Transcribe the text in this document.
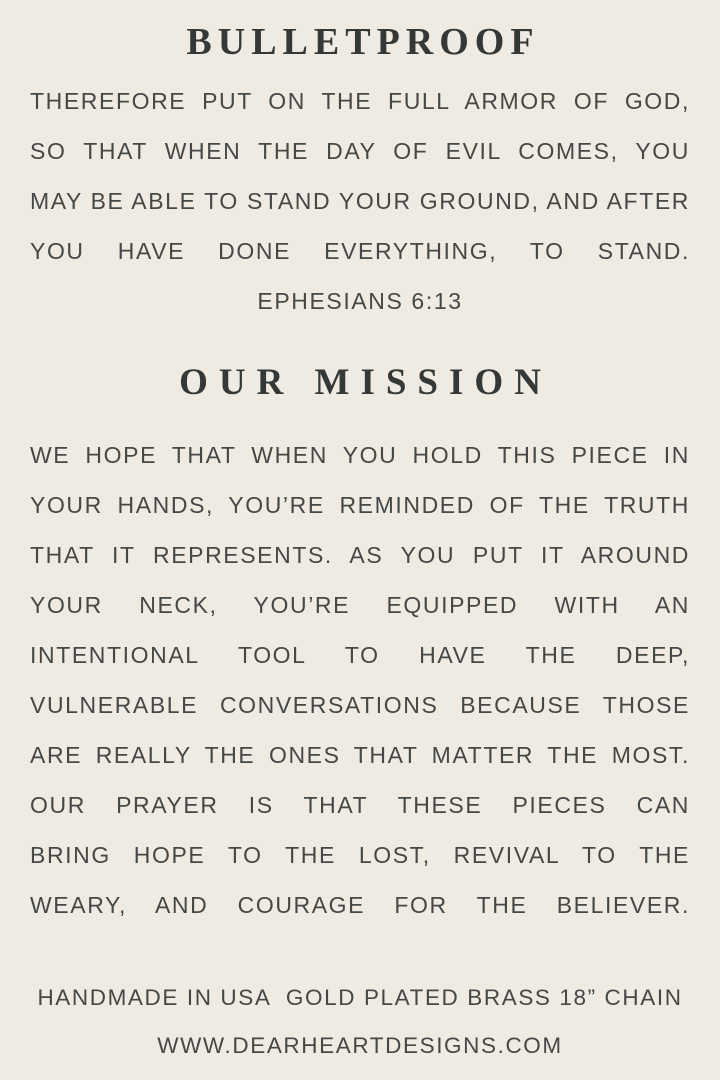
BULLETPROOF
THEREFORE PUT ON THE FULL ARMOR OF GOD,
SO THAT WHEN THE DAY OF EVIL COMES, YOU
MAY BE ABLE TO STAND YOUR GROUND, AND AFTER
YOU HAVE DONE EVERYTHING, TO STAND.
EPHESIANS 6:13
OUR MISSION
WE HOPE THAT WHEN YOU HOLD THIS PIECE IN
YOUR HANDS, YOU’RE REMINDED OF THE TRUTH
THAT IT REPRESENTS. AS YOU PUT IT AROUND
YOUR NECK, YOU’RE EQUIPPED WITH AN
INTENTIONAL TOOL TO HAVE THE DEEP,
VULNERABLE CONVERSATIONS BECAUSE THOSE
ARE REALLY THE ONES THAT MATTER THE MOST.
OUR PRAYER IS THAT THESE PIECES CAN
BRING HOPE TO THE LOST, REVIVAL TO THE
WEARY, AND COURAGE FOR THE BELIEVER.
HANDMADE IN USA  GOLD PLATED BRASS 18” CHAIN
WWW.DEARHEARTDESIGNS.COM
